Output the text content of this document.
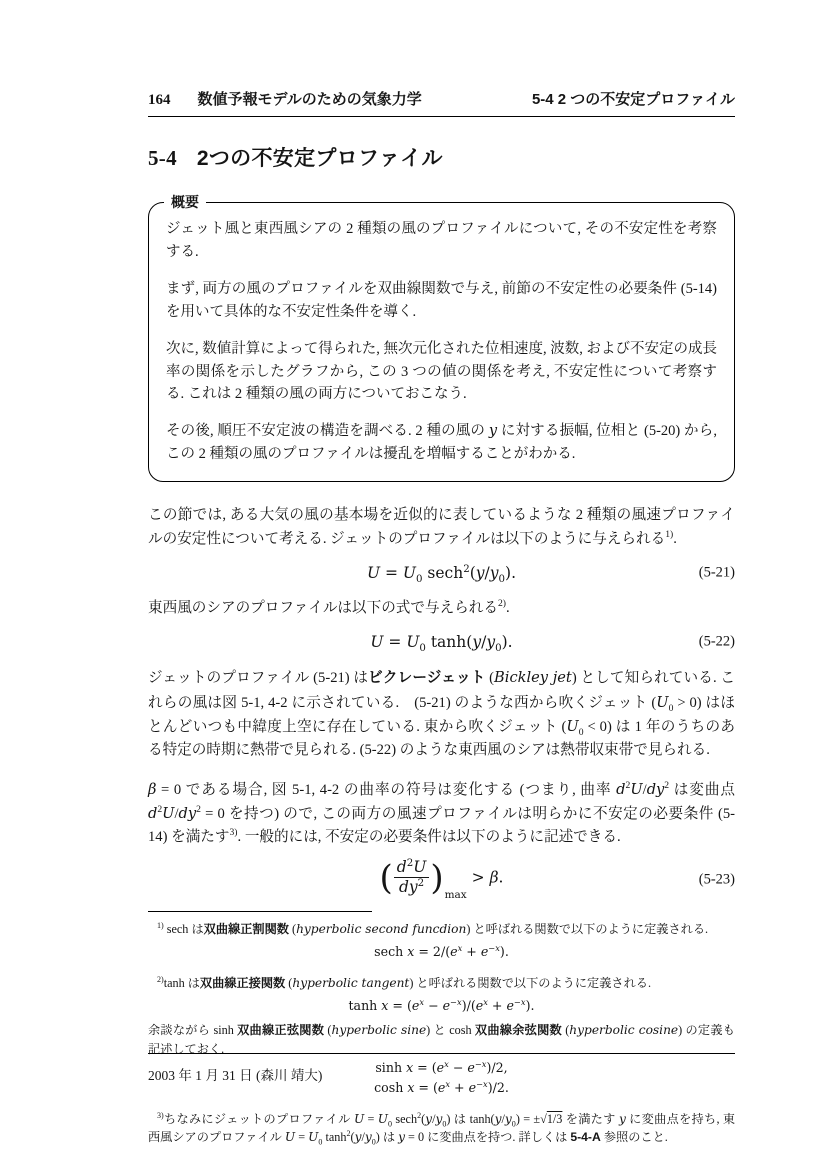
164 数値予報モデルのための気象力学	5-4 2 つの不安定プロファイル
5-4 2つの不安定プロファイル
概要

ジェット風と東西風シアの 2 種類の風のプロファイルについて, その不安定性を考察する.

まず, 両方の風のプロファイルを双曲線関数で与え, 前節の不安定性の必要条件 (5-14) を用いて具体的な不安定性条件を導く.

次に, 数値計算によって得られた, 無次元化された位相速度, 波数, および不安定の成長率の関係を示したグラフから, この 3 つの値の関係を考え, 不安定性について考察する. これは 2 種類の風の両方についておこなう.

その後, 順圧不安定波の構造を調べる. 2 種の風の y に対する振幅, 位相と (5-20) から, この 2 種類の風のプロファイルは擾乱を増幅することがわかる.

この節では, ある大気の風の基本場を近似的に表しているような 2 種類の風速プロファイルの安定性について考える. ジェットのプロファイルは以下のように与えられる$^{1)}$.

$U = U_0$ $\sec h^2(y/y_0)$.	(5-21)

東西風のシアのプロファイルは以下の式で与えられる$^{2)}$.

$U = U_0$ $\tanh(y/y_0)$.	(5-22)

ジェットのプロファイル (5-21) はビクレージェット (Bickley jet) として知られている. これらの風は図 5-1, 4-2 に示されている.　(5-21) のような西から吹くジェット $(U_0 > 0)$ はほとんどいつも中緯度上空に存在している. 東から吹くジェット $(U_0 < 0)$ は 1 年のうちのある特定の時期に熱帯で見られる. (5-22) のような東西風のシアは熱帯収束帯で見られる.

β = 0 である場合, 図 5-1, 4-2 の曲率の符号は変化する (つまり, 曲率 $d^2U/dy^2$ は変曲点 $d^2U/dy^2 = 0$ を持つ) ので, この両方の風速プロファイルは明らかに不安定の必要条件 (5-14) を満たす$^{3)}$. 一般的には, 不安定の必要条件は以下のように記述できる.

( $\frac{d^2U}{dy^2} )_{max} > \beta$.	(5-23)

$^{1)}$ sech は双曲線正割関数 (hyperbolic second funcdion) と呼ばれる関数で以下のように定義される.

sech $x = 2/(e^x + e^{-x})$.

$^{2)}$tanh は双曲線正接関数 (hyperbolic tangent) と呼ばれる関数で以下のように定義される.

$\tanh x = (e^x - e^{-x})/(e^x + e^{-x})$.

余談ながら sinh 双曲線正弦関数 (hyperbolic sine) と cosh 双曲線余弦関数 (hyperbolic cosine) の定義も記述しておく.

$\sinh x = (e^x - e^{-x})/2$,

$\cosh x = (e^x + e^{-x})/2$.

$^{3)}$ちなみにジェットのプロファイル $U = U_0$ $\sec h^2(y/y_0)$ は $\tanh(y/y_0) = \pm√1/3$ を満たす y に変曲点を持ち, 東西風シアのプロファイル $U = U_0$ $\tanh^2(y/y_0)$ は y = 0 に変曲点を持つ. 詳しくは 5-4-A 参照のこと.

2003 年 1 月 31 日 (森川 靖大)
